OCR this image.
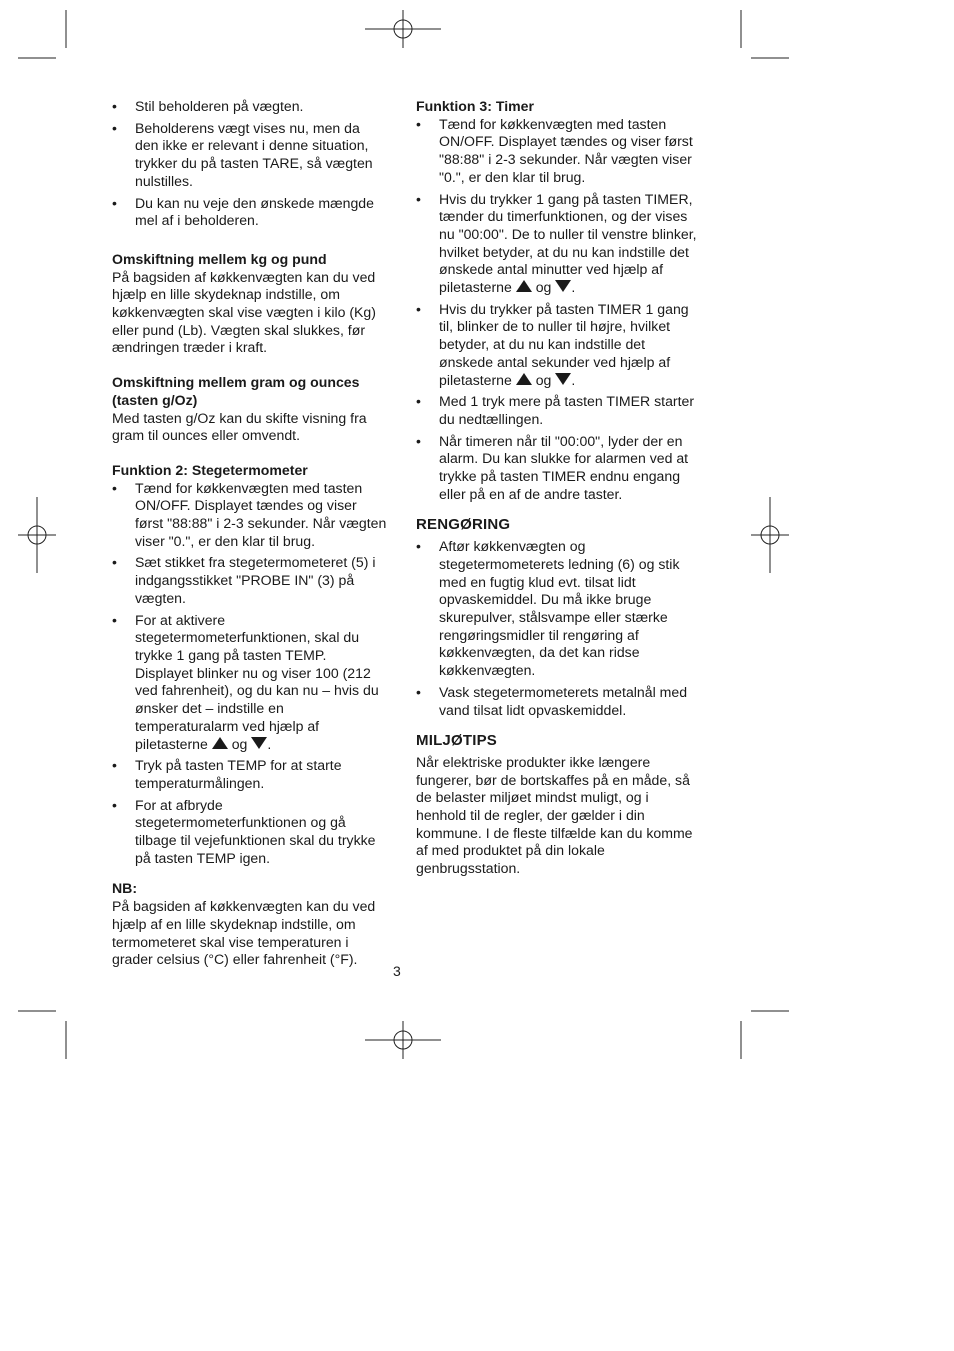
• Stil beholderen på vægten.
• Beholderens vægt vises nu, men da den ikke er relevant i denne situation, trykker du på tasten TARE, så vægten nulstilles.
• Du kan nu veje den ønskede mængde mel af i beholderen.

Omskiftning mellem kg og pund

På bagsiden af køkkenvægten kan du ved hjælp en lille skydeknap indstille, om køkkenvægten skal vise vægten i kilo (Kg) eller pund (Lb). Vægten skal slukkes, før ændringen træder i kraft.

Omskiftning mellem gram og ounces (tasten g/Oz)

Med tasten g/Oz kan du skifte visning fra gram til ounces eller omvendt.

Funktion 2: Stegetermometer

• Tænd for køkkenvægten med tasten ON/OFF. Displayet tændes og viser først "88:88" i 2-3 sekunder. Når vægten viser "0.", er den klar til brug.
• Sæt stikket fra stegetermometeret (5) i indgangsstikket "PROBE IN" (3) på vægten.
• For at aktivere stegetermometerfunktionen, skal du trykke 1 gang på tasten TEMP. Displayet blinker nu og viser 100 (212 ved fahrenheit), og du kan nu – hvis du ønsker det – indstille en temperaturalarm ved hjælp af piletasterne og .
• Tryk på tasten TEMP for at starte temperaturmålingen.
• For at afbryde stegetermometerfunktionen og gå tilbage til vejefunktionen skal du trykke på tasten TEMP igen.

NB:

På bagsiden af køkkenvægten kan du ved hjælp af en lille skydeknap indstille, om termometeret skal vise temperaturen i grader celsius (°C) eller fahrenheit (°F).

Funktion 3: Timer

• Tænd for køkkenvægten med tasten ON/OFF. Displayet tændes og viser først "88:88" i 2-3 sekunder. Når vægten viser "0.", er den klar til brug.
• Hvis du trykker 1 gang på tasten TIMER, tænder du timerfunktionen, og der vises nu "00:00". De to nuller til venstre blinker, hvilket betyder, at du nu kan indstille det ønskede antal minutter ved hjælp af piletasterne og .
• Hvis du trykker på tasten TIMER 1 gang til, blinker de to nuller til højre, hvilket betyder, at du nu kan indstille det ønskede antal sekunder ved hjælp af piletasterne og .
• Med 1 tryk mere på tasten TIMER starter du nedtællingen.
• Når timeren når til "00:00", lyder der en alarm. Du kan slukke for alarmen ved at trykke på tasten TIMER endnu engang eller på en af de andre taster.

RENGØRING

• Aftør køkkenvægten og stegetermometerets ledning (6) og stik med en fugtig klud evt. tilsat lidt opvaskemiddel. Du må ikke bruge skurepulver, stålsvampe eller stærke rengøringsmidler til rengøring af køkkenvægten, da det kan ridse køkkenvægten.
• Vask stegetermometerets metalnål med vand tilsat lidt opvaskemiddel.

MILJØTIPS

Når elektriske produkter ikke længere fungerer, bør de bortskaffes på en måde, så de belaster miljøet mindst muligt, og i henhold til de regler, der gælder i din kommune. I de fleste tilfælde kan du komme af med produktet på din lokale genbrugsstation.

3
